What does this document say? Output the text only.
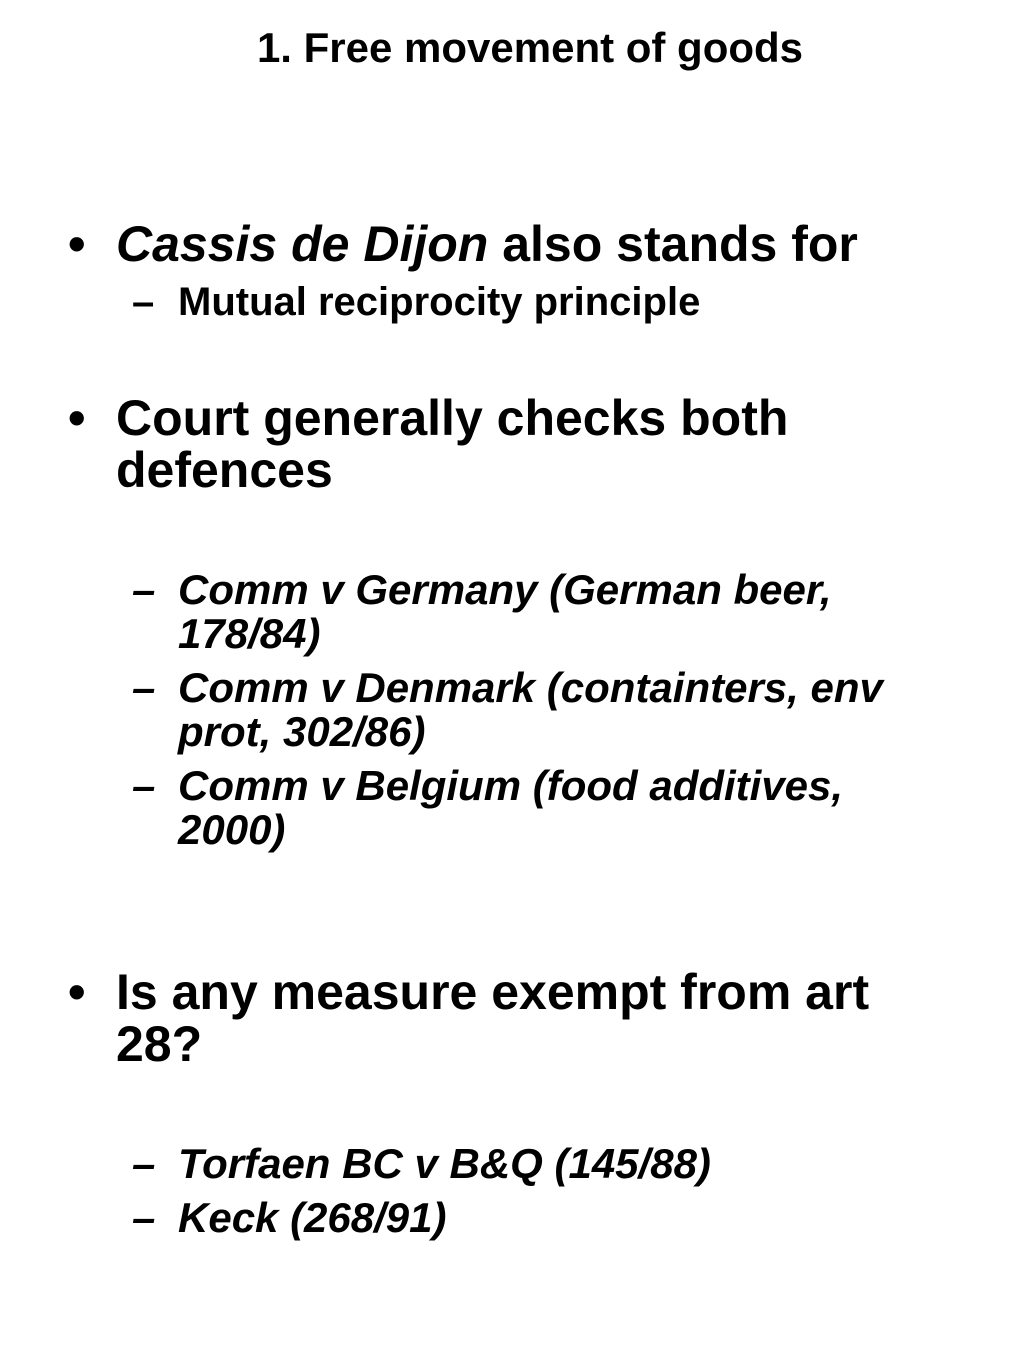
1. Free movement of goods
• Cassis de Dijon also stands for
– Mutual reciprocity principle
• Court generally checks both defences
– Comm v Germany (German beer, 178/84)
– Comm v Denmark (containters, env prot, 302/86)
– Comm v Belgium (food additives, 2000)
• Is any measure exempt from art 28?
– Torfaen BC v B&Q (145/88)
– Keck (268/91)
